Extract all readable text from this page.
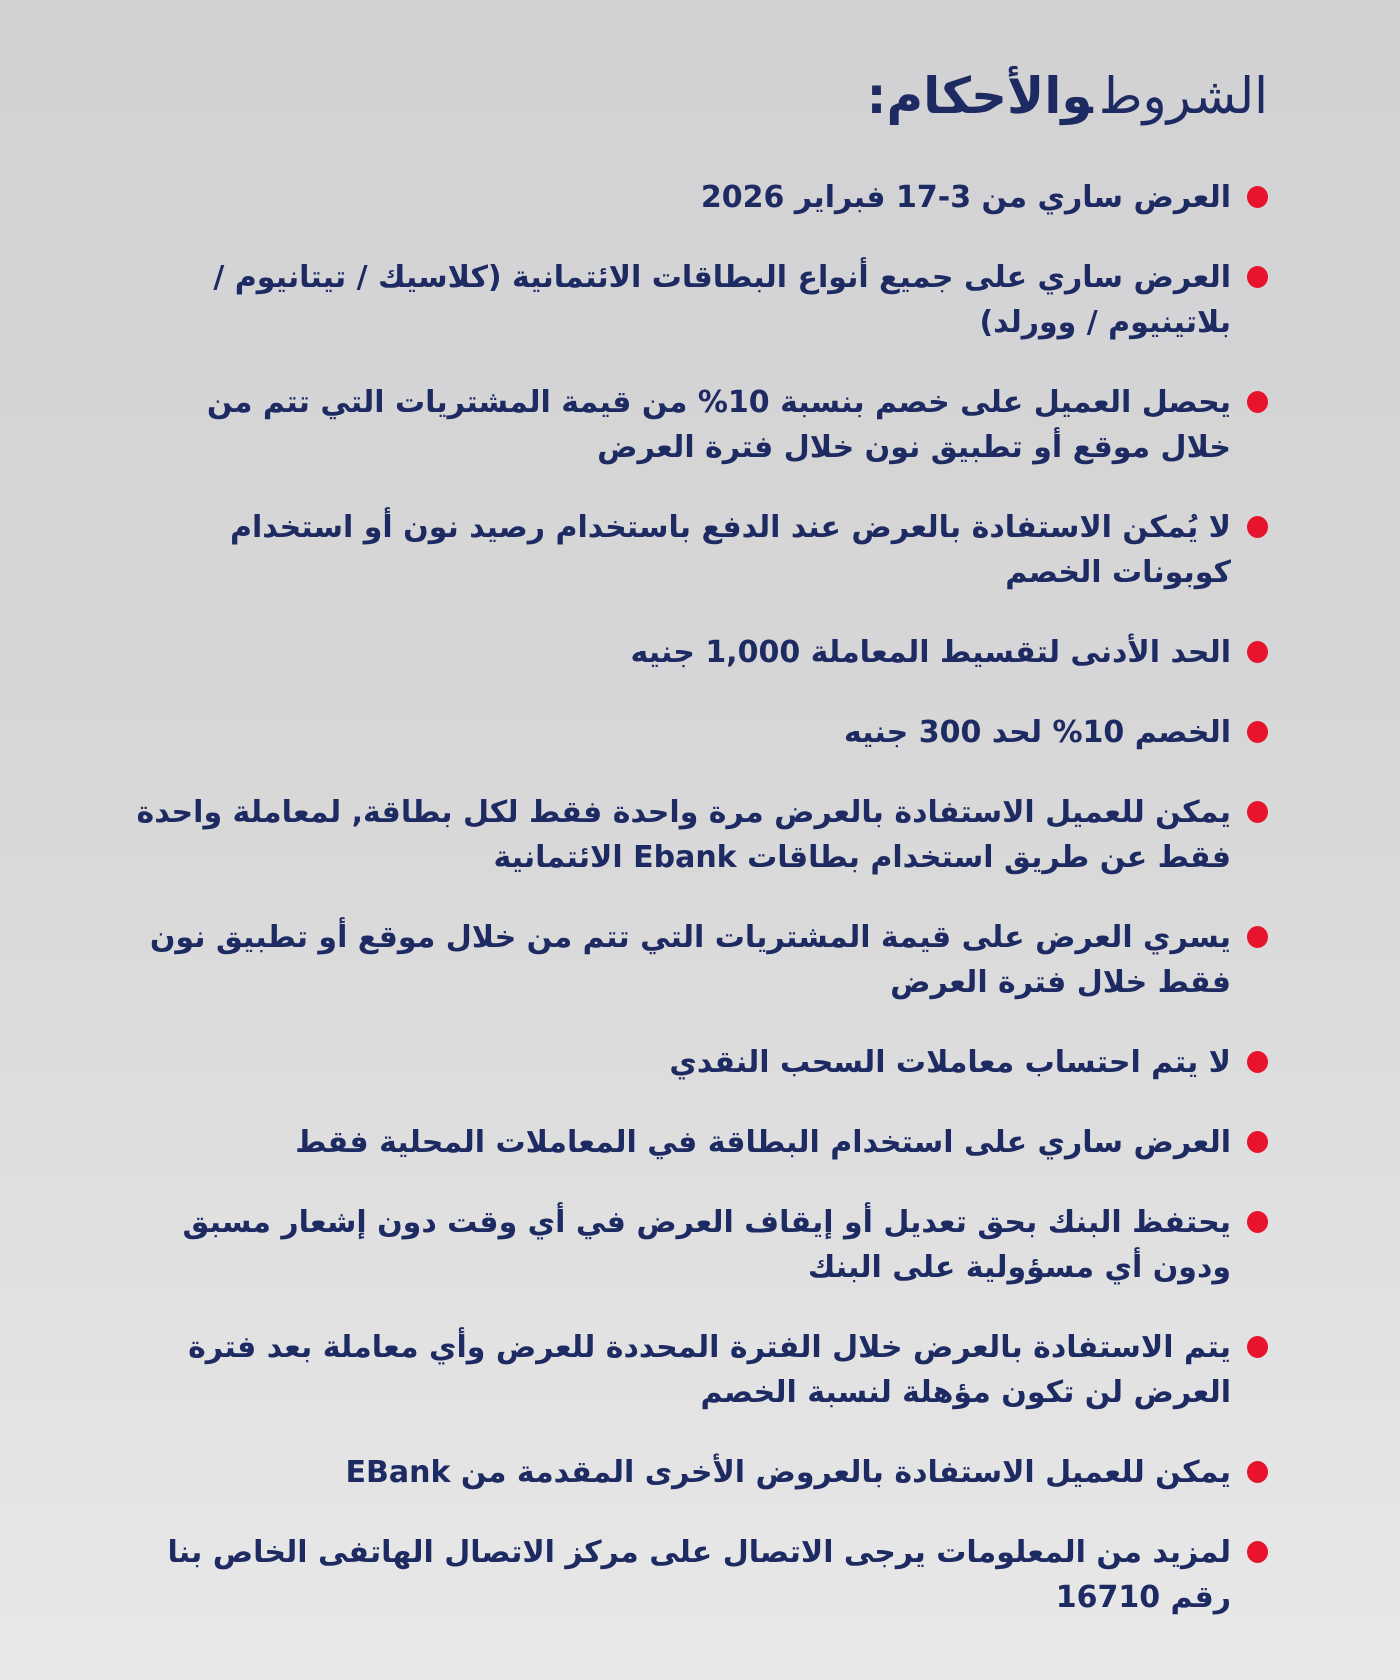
الشروطوالأحكام:
العرض ساري من 3-17 فبراير 2026
العرض ساري على جميع أنواع البطاقات الائتمانية (كلاسيك / تيتانيوم / بلاتينيوم / وورلد)
يحصل العميل على خصم بنسبة 10% من قيمة المشتريات التي تتم من خلال موقع أو تطبيق نون خلال فترة العرض
لا يُمكن الاستفادة بالعرض عند الدفع باستخدام رصيد نون أو استخدام كوبونات الخصم
الحد الأدنى لتقسيط المعاملة 1,000 جنيه
الخصم 10% لحد 300 جنيه
يمكن للعميل الاستفادة بالعرض مرة واحدة فقط لكل بطاقة, لمعاملة واحدة فقط عن طريق استخدام بطاقات Ebank الائتمانية
يسري العرض على قيمة المشتريات التي تتم من خلال موقع أو تطبيق نون فقط خلال فترة العرض
لا يتم احتساب معاملات السحب النقدي
العرض ساري على استخدام البطاقة في المعاملات المحلية فقط
يحتفظ البنك بحق تعديل أو إيقاف العرض في أي وقت دون إشعار مسبق ودون أي مسؤولية على البنك
يتم الاستفادة بالعرض خلال الفترة المحددة للعرض وأي معاملة بعد فترة العرض لن تكون مؤهلة لنسبة الخصم
يمكن للعميل الاستفادة بالعروض الأخرى المقدمة من EBank
لمزيد من المعلومات يرجى الاتصال على مركز الاتصال الهاتفى الخاص بنا رقم 16710
